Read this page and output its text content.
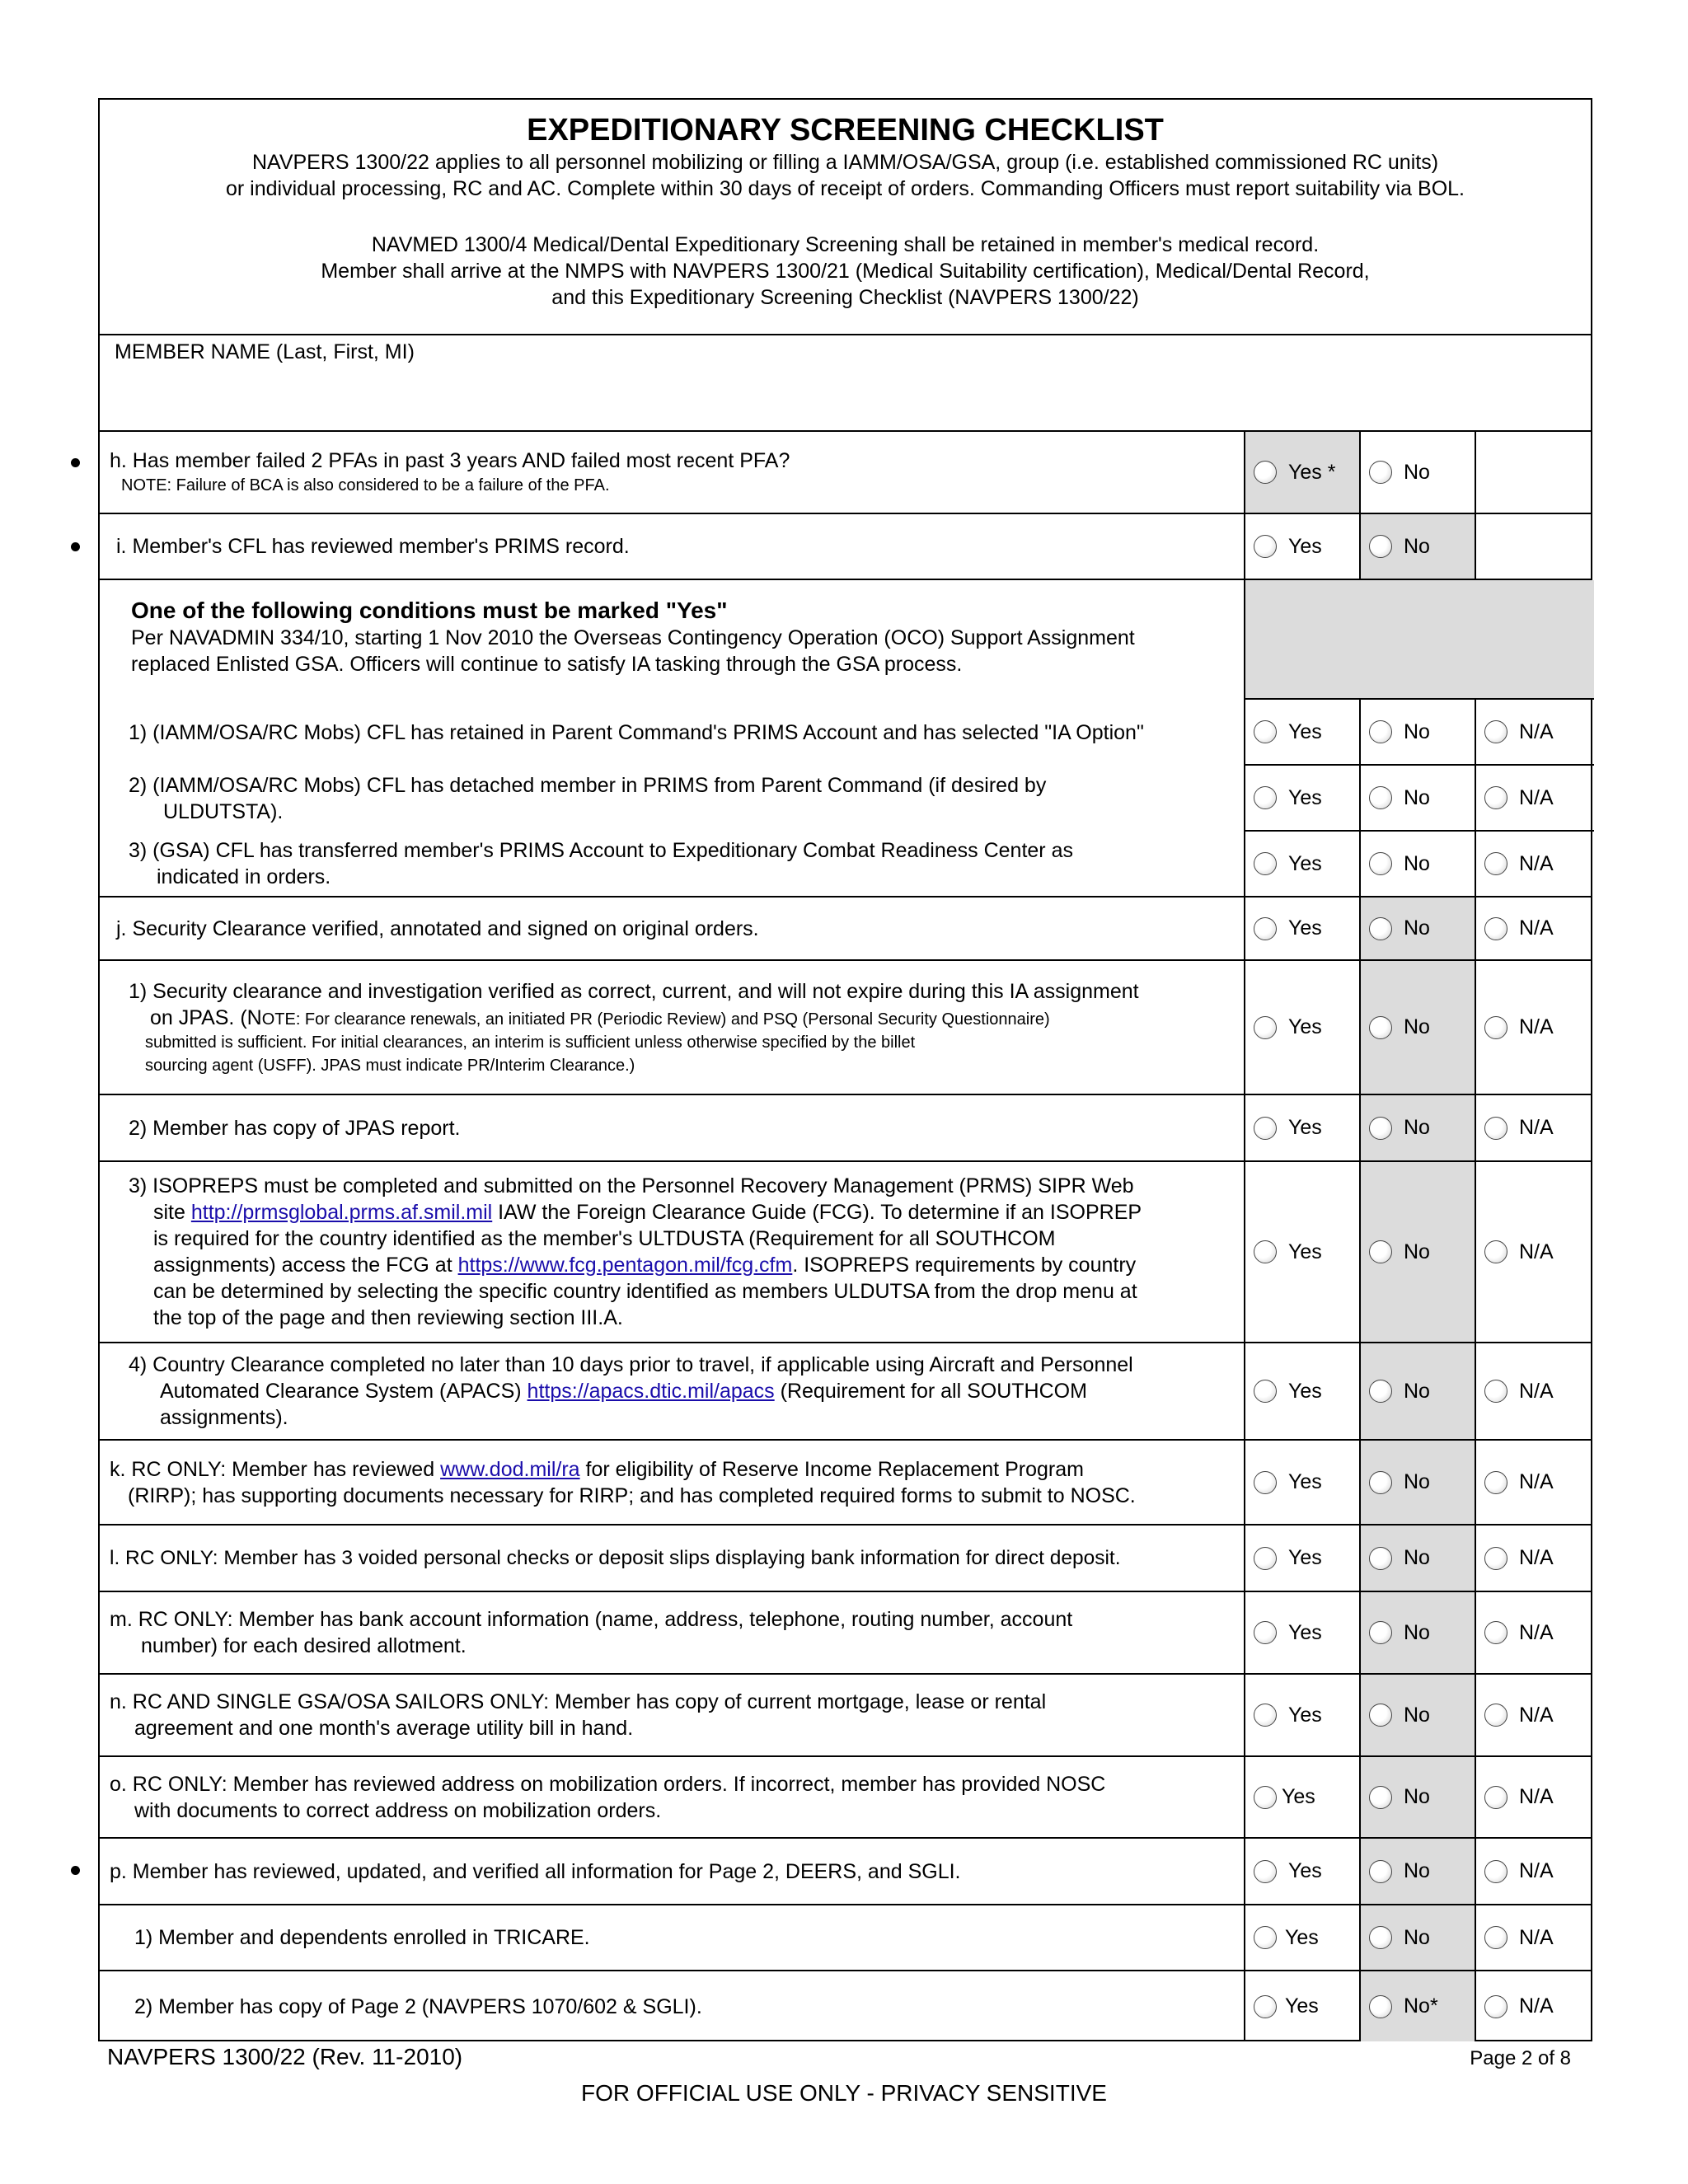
EXPEDITIONARY SCREENING CHECKLIST
NAVPERS 1300/22 applies to all personnel mobilizing or filling a IAMM/OSA/GSA, group (i.e. established commissioned RC units)
or individual processing, RC and AC. Complete within 30 days of receipt of orders. Commanding Officers must report suitability via BOL.
NAVMED 1300/4 Medical/Dental Expeditionary Screening shall be retained in member's medical record.
Member shall arrive at the NMPS with NAVPERS 1300/21 (Medical Suitability certification), Medical/Dental Record,
and this Expeditionary Screening Checklist (NAVPERS 1300/22)
MEMBER NAME (Last, First, MI)
h. Has member failed 2 PFAs in past 3 years AND failed most recent PFA?
NOTE: Failure of BCA is also considered to be a failure of the PFA.
Yes *	No
i. Member's CFL has reviewed member's PRIMS record.	Yes	No
One of the following conditions must be marked "Yes"
Per NAVADMIN 334/10, starting 1 Nov 2010 the Overseas Contingency Operation (OCO) Support Assignment
replaced Enlisted GSA. Officers will continue to satisfy IA tasking through the GSA process.
1) (IAMM/OSA/RC Mobs) CFL has retained in Parent Command's PRIMS Account and has selected "IA Option"	Yes	No	N/A
2) (IAMM/OSA/RC Mobs) CFL has detached member in PRIMS from Parent Command (if desired by
ULDUTSTA).
Yes	No	N/A
3) (GSA) CFL has transferred member's PRIMS Account to Expeditionary Combat Readiness Center as
indicated in orders.
Yes	No	N/A
j. Security Clearance verified, annotated and signed on original orders.	Yes	No	N/A
1) Security clearance and investigation verified as correct, current, and will not expire during this IA assignment
on JPAS. (NOTE: For clearance renewals, an initiated PR (Periodic Review) and PSQ (Personal Security Questionnaire)
submitted is sufficient. For initial clearances, an interim is sufficient unless otherwise specified by the billet
sourcing agent (USFF). JPAS must indicate PR/Interim Clearance.)
Yes	No	N/A
2) Member has copy of JPAS report.	Yes	No	N/A
3) ISOPREPS must be completed and submitted on the Personnel Recovery Management (PRMS) SIPR Web
site http://prmsglobal.prms.af.smil.mil IAW the Foreign Clearance Guide (FCG). To determine if an ISOPREP
is required for the country identified as the member's ULTDUSTA (Requirement for all SOUTHCOM
assignments) access the FCG at https://www.fcg.pentagon.mil/fcg.cfm. ISOPREPS requirements by country
can be determined by selecting the specific country identified as members ULDUTSA from the drop menu at
the top of the page and then reviewing section III.A.
Yes	No	N/A
4) Country Clearance completed no later than 10 days prior to travel, if applicable using Aircraft and Personnel
Automated Clearance System (APACS) https://apacs.dtic.mil/apacs (Requirement for all SOUTHCOM
assignments).
Yes	No	N/A
k. RC ONLY: Member has reviewed www.dod.mil/ra for eligibility of Reserve Income Replacement Program
(RIRP); has supporting documents necessary for RIRP; and has completed required forms to submit to NOSC.
Yes	No	N/A
l. RC ONLY: Member has 3 voided personal checks or deposit slips displaying bank information for direct deposit.	Yes	No	N/A
m. RC ONLY: Member has bank account information (name, address, telephone, routing number, account
number) for each desired allotment.
Yes	No	N/A
n. RC AND SINGLE GSA/OSA SAILORS ONLY: Member has copy of current mortgage, lease or rental
agreement and one month's average utility bill in hand.
Yes	No	N/A
o. RC ONLY: Member has reviewed address on mobilization orders. If incorrect, member has provided NOSC
with documents to correct address on mobilization orders.
Yes	No	N/A
p. Member has reviewed, updated, and verified all information for Page 2, DEERS, and SGLI.	Yes	No	N/A
1) Member and dependents enrolled in TRICARE.	Yes	No	N/A
2) Member has copy of Page 2 (NAVPERS 1070/602 & SGLI).	Yes	No*	N/A
NAVPERS 1300/22 (Rev. 11-2010)	Page 2 of 8
FOR OFFICIAL USE ONLY - PRIVACY SENSITIVE
